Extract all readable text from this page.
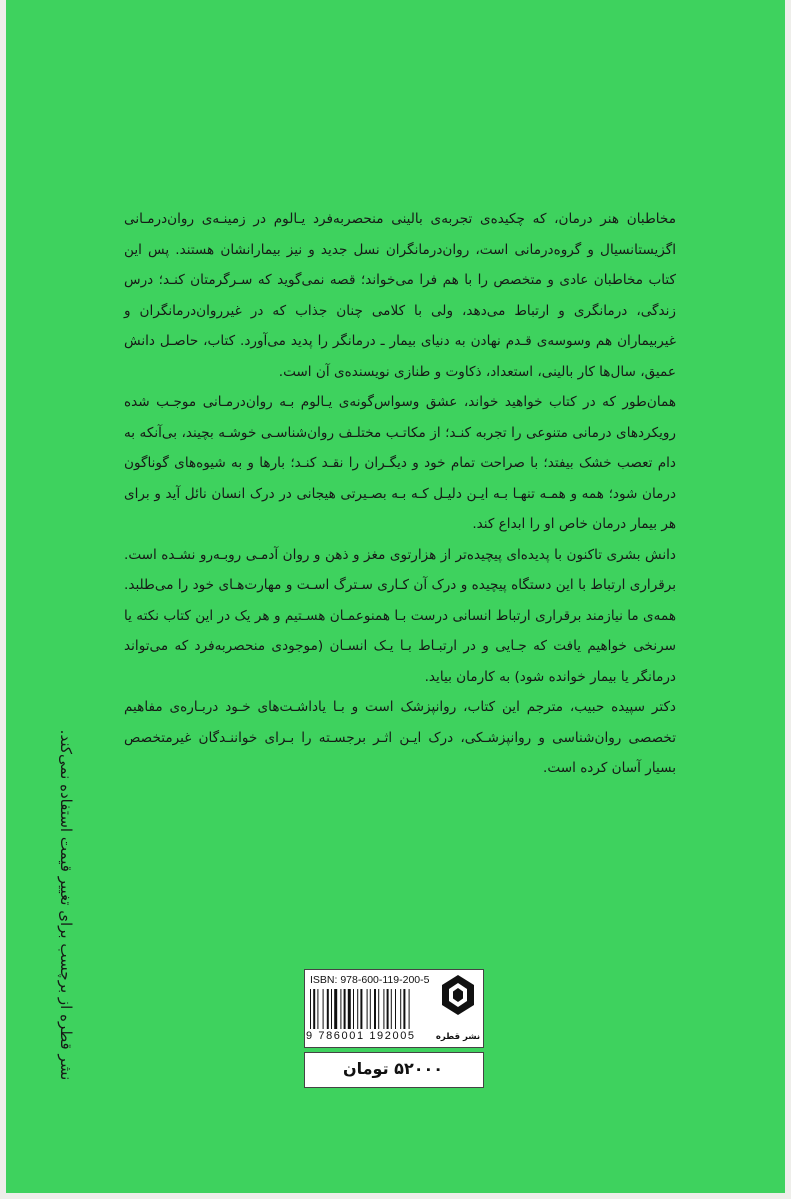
مخاطبان هنر درمان، که چکیده‌ی تجربه‌ی بالینی منحصربه‌فرد یـالوم در زمینـه‌ی روان‌درمـانی اگزیستانسیال و گروه‌درمانی است، روان‌درمانگران نسل جدید و نیز بیمارانشان هستند. پس این کتاب مخاطبان عادی و متخصص را با هم فرا می‌خواند؛ قصه نمی‌گوید که سـرگرمتان کنـد؛ درس زندگی، درمانگری و ارتباط می‌دهد، ولی با کلامی چنان جذاب که در غیرروان‌درمانگران و غیربیماران هم وسوسه‌ی قـدم نهادن به دنیای بیمار ـ درمانگر را پدید می‌آورد. کتاب، حاصـل دانش عمیق، سال‌ها کار بالینی، استعداد، ذکاوت و طنازی نویسنده‌ی آن است.

همان‌طور که در کتاب خواهید خواند، عشق وسواس‌گونه‌ی یـالوم بـه روان‌درمـانی موجـب شده رویکردهای درمانی متنوعی را تجربه کنـد؛ از مکاتـب مختلـف روان‌شناسـی خوشـه بچیند، بی‌آنکه به دام تعصب خشک بیفتد؛ با صراحت تمام خود و دیگـران را نقـد کنـد؛ بارها و به شیوه‌های گوناگون درمان شود؛ همه و همـه تنهـا بـه ایـن دلیـل کـه بـه بصـیرتی هیجانی در درک انسان نائل آید و برای هر بیمار درمان خاص او را ابداع کند.

دانش بشری تاکنون با پدیده‌ای پیچیده‌تر از هزارتوی مغز و ذهن و روان آدمـی روبـه‌رو نشـده است. برقراری ارتباط با این دستگاه پیچیده و درک آن کـاری سـترگ اسـت و مهارت‌هـای خود را می‌طلبد. همه‌ی ما نیازمند برقراری ارتباط انسانی درست بـا همنوعمـان هسـتیم و هر یک در این کتاب نکته یا سرنخی خواهیم یافت که جـایی و در ارتبـاط بـا یـک انسـان (موجودی منحصربه‌فرد که می‌تواند درمانگر یا بیمار خوانده شود) به کارمان بیاید.

دکتر سپیده حبیب، مترجم این کتاب، روانپزشک است و بـا یاداشـت‌های خـود دربـاره‌ی مفاهیم تخصصی روان‌شناسی و روانپزشـکی، درک ایـن اثـر برجسـته را بـرای خواننـدگان غیرمتخصص بسیار آسان کرده است.

نشر قطره از برچسب برای تغییر قیمت استفاده نمی‌کند.	ISBN: 978-600-119-200-5
9 786001 192005 نشر قطره
۵۲۰۰۰ تومان
